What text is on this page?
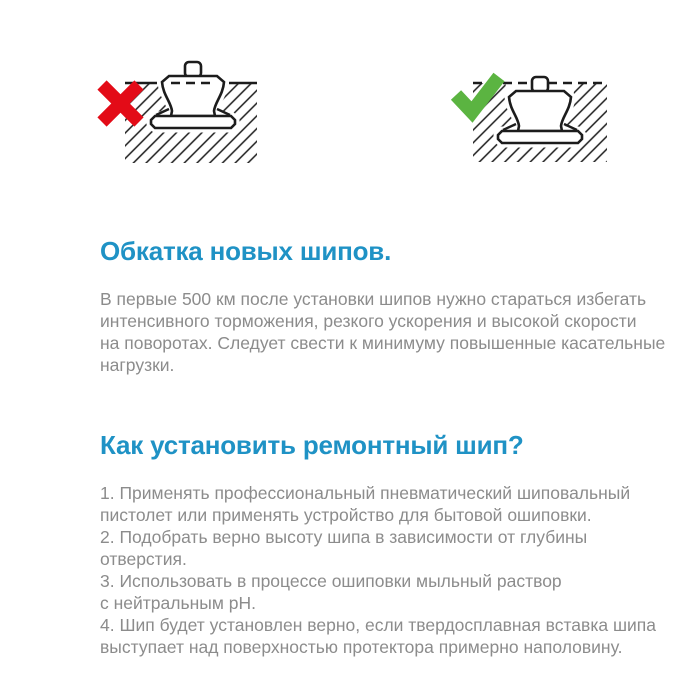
Обкатка новых шипов.
В первые 500 км после установки шипов нужно стараться избегать
интенсивного торможения, резкого ускорения и высокой скорости
на поворотах. Следует свести к минимуму повышенные касательные
нагрузки.
Как установить ремонтный шип?
1. Применять профессиональный пневматический шиповальный
пистолет или применять устройство для бытовой ошиповки.
2. Подобрать верно высоту шипа в зависимости от глубины
отверстия.
3. Использовать в процессе ошиповки мыльный раствор
с нейтральным pH.
4. Шип будет установлен верно, если твердосплавная вставка шипа
выступает над поверхностью протектора примерно наполовину.
